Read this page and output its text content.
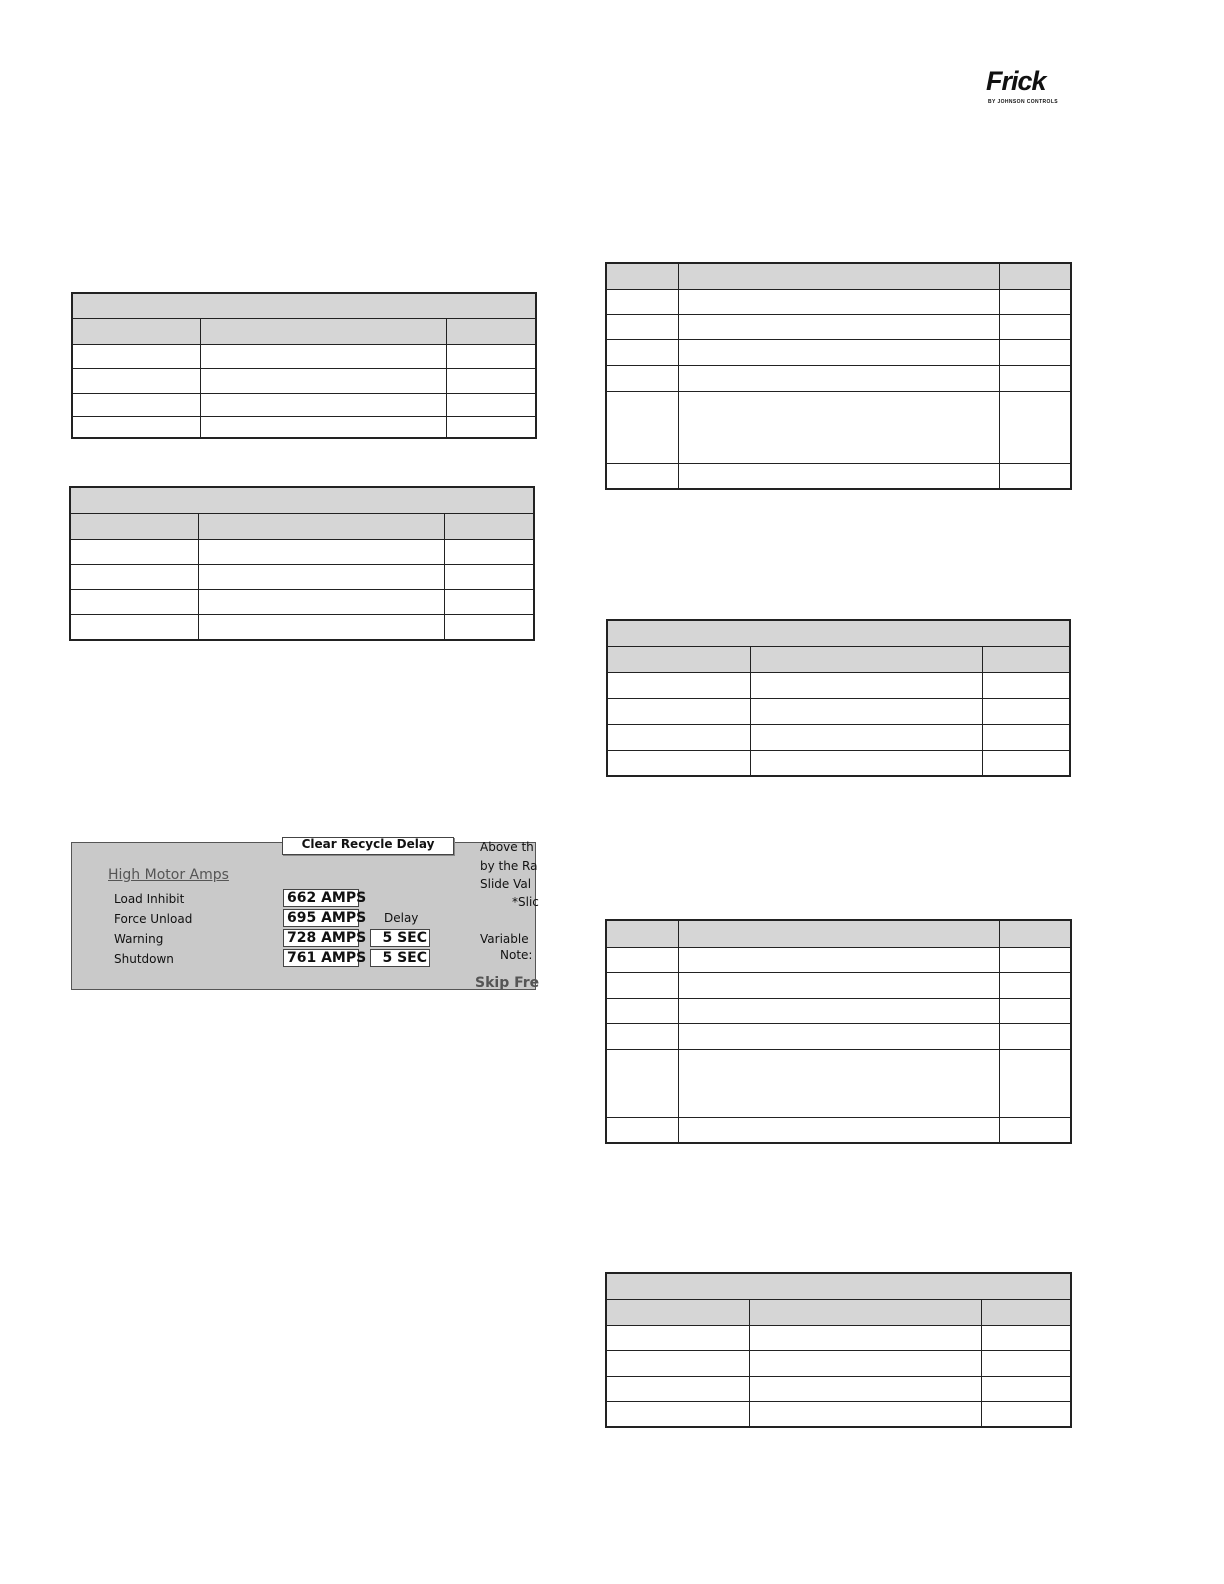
Frick
BY JOHNSON CONTROLS

Clear Recycle Delay
High Motor Amps
Load Inhibit	662 AMPS
Force Unload	695 AMPS Delay
Warning	728 AMPS	5 SEC
Shutdown	761 AMPS	5 SEC
Above th
by the Ra
Slide Val
*Slic
Variable
Note:
Skip Fre
